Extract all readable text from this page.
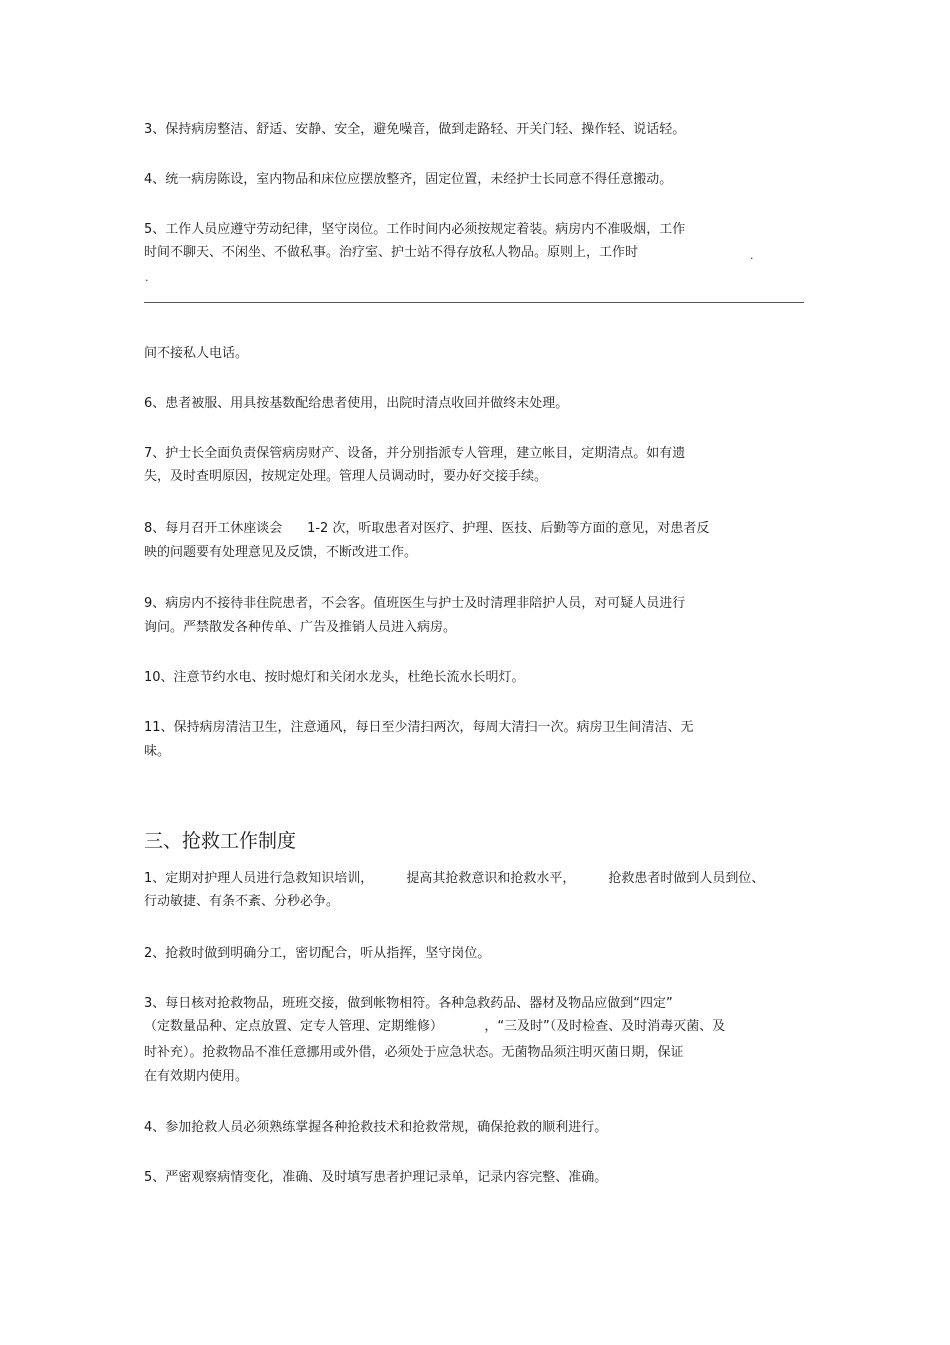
3、保持病房整洁、舒适、安静、安全，避免噪音，做到走路轻、开关门轻、操作轻、说话轻。

4、统一病房陈设，室内物品和床位应摆放整齐，固定位置，未经护士长同意不得任意搬动。

5、工作人员应遵守劳动纪律，坚守岗位。工作时间内必须按规定着装。病房内不准吸烟，工作

时间不聊天、不闲坐、不做私事。治疗室、护士站不得存放私人物品。原则上，工作时	.
.

间不接私人电话。

6、患者被服、用具按基数配给患者使用，出院时清点收回并做终末处理。

7、护士长全面负责保管病房财产、设备，并分别指派专人管理，建立帐目，定期清点。如有遗

失，及时查明原因，按规定处理。管理人员调动时，要办好交接手续。

8、每月召开工休座谈会      1-2 次，听取患者对医疗、护理、医技、后勤等方面的意见，对患者反

映的问题要有处理意见及反馈，不断改进工作。

9、病房内不接待非住院患者，不会客。值班医生与护士及时清理非陪护人员，对可疑人员进行

询问。严禁散发各种传单、广告及推销人员进入病房。

10、注意节约水电、按时熄灯和关闭水龙头，杜绝长流水长明灯。

11、保持病房清洁卫生，注意通风，每日至少清扫两次，每周大清扫一次。病房卫生间清洁、无

味。

三、抢救工作制度

1、定期对护理人员进行急救知识培训，        提高其抢救意识和抢救水平，        抢救患者时做到人员到位、

行动敏捷、有条不紊、分秒必争。

2、抢救时做到明确分工，密切配合，听从指挥，坚守岗位。

3、每日核对抢救物品，班班交接，做到帐物相符。各种急救药品、器材及物品应做到“四定”

（定数量品种、定点放置、定专人管理、定期维修）          ，“三及时”（及时检查、及时消毒灭菌、及

时补充）。抢救物品不准任意挪用或外借，必须处于应急状态。无菌物品须注明灭菌日期，保证

在有效期内使用。

4、参加抢救人员必须熟练掌握各种抢救技术和抢救常规，确保抢救的顺利进行。

5、严密观察病情变化，准确、及时填写患者护理记录单，记录内容完整、准确。
